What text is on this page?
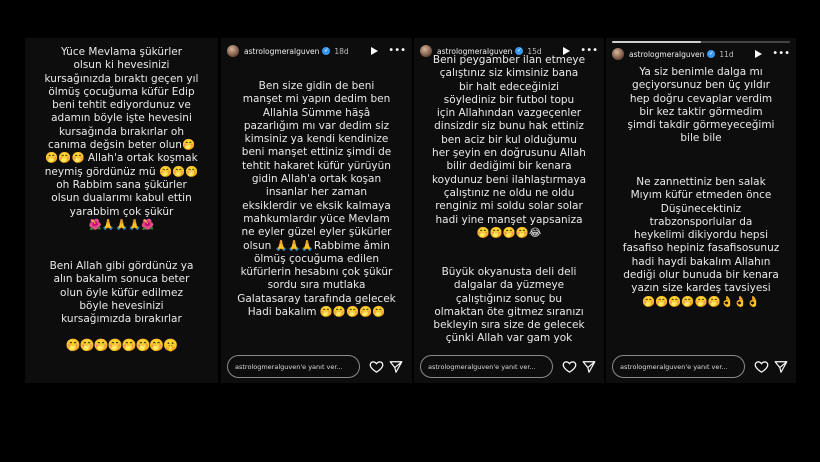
Yüce Mevlama şükürler
olsun ki hevesinizi
kursağınızda bıraktı geçen yıl
ölmüş çocuğuma küfür Edip
beni tehtit ediyordunuz ve
adamın böyle işte hevesini
kursağında bırakırlar oh
canıma değsin beter olun🤭
🤭🤭🤭 Allah'a ortak koşmak
neymiş gördünüz mü 🤭🤭🤭
oh Rabbim sana şükürler
olsun dualarımı kabul ettin
yarabbim çok şükür
🌺🙏🙏🙏🌺
Beni Allah gibi gördünüz ya
alın bakalım sonuca beter
olun öyle küfür edilmez
böyle hevesinizi
kursağımızda bırakırlar
🤭🤭🤭🤭🤭🤭🤭🤫
astrologmeralguven ✓ 18d	•••
Ben size gidin de beni
manşet mi yapın dedim ben
Allahla Sümme häşâ
pazarlığım mı var dedim siz
kimsiniz ya kendi kendinize
beni manşet ettiniz şimdi de
tehtit hakaret küfür yürüyün
gidin Allah'a ortak koşan
insanlar her zaman
eksiklerdir ve eksik kalmaya
mahkumlardır yüce Mevlam
ne eyler güzel eyler şükürler
olsun 🙏🙏🙏Rabbime âmin
ölmüş çocuğuma edilen
küfürlerin hesabını çok şükür
sordu sıra mutlaka
Galatasaray tarafında gelecek
Hadi bakalım 🤭🤭🤭🤭🤭
astrologmeralguven'e yanıt ver...
astrologmeralguven ✓ 15d	•••
Beni peygamber ilan etmeye
çalıştınız siz kimsiniz bana
bir halt edeceğinizi
söylediniz bir futbol topu
için Allahından vazgeçenler
dinsizdir siz bunu hak ettiniz
ben aciz bir kul olduğumu
her şeyin en doğrusunu Allah
bilir dediğimi bir kenara
koydunuz beni ilahlaştırmaya
çalıştınız ne oldu ne oldu
renginiz mi soldu solar solar
hadi yine manşet yapsaniza
🤭🤭🤭🤭😂
Büyük okyanusta deli deli
dalgalar da yüzmeye
çalıştığınız sonuç bu
olmaktan öte gitmez sıranızı
bekleyin sıra size de gelecek
çünki Allah var gam yok
astrologmeralguven'e yanıt ver...
astrologmeralguven ✓ 11d	•••
Ya siz benimle dalga mı
geçiyorsunuz ben üç yıldır
hep doğru cevaplar verdim
bir kez taktir görmedim
şimdi takdir görmeyeceğimi
bile bile
Ne zannettiniz ben salak
Mıyım küfür etmeden önce
Düşünecektiniz
trabzonsporlular da
heykelimi dikiyordu hepsi
fasafiso hepiniz fasafisosunuz
hadi haydi bakalım Allahın
dediği olur bunuda bir kenara
yazın size kardeş tavsiyesi
🤭🤭🤭🤭🤭🤭👌👌👌
astrologmeralguven'e yanıt ver...
